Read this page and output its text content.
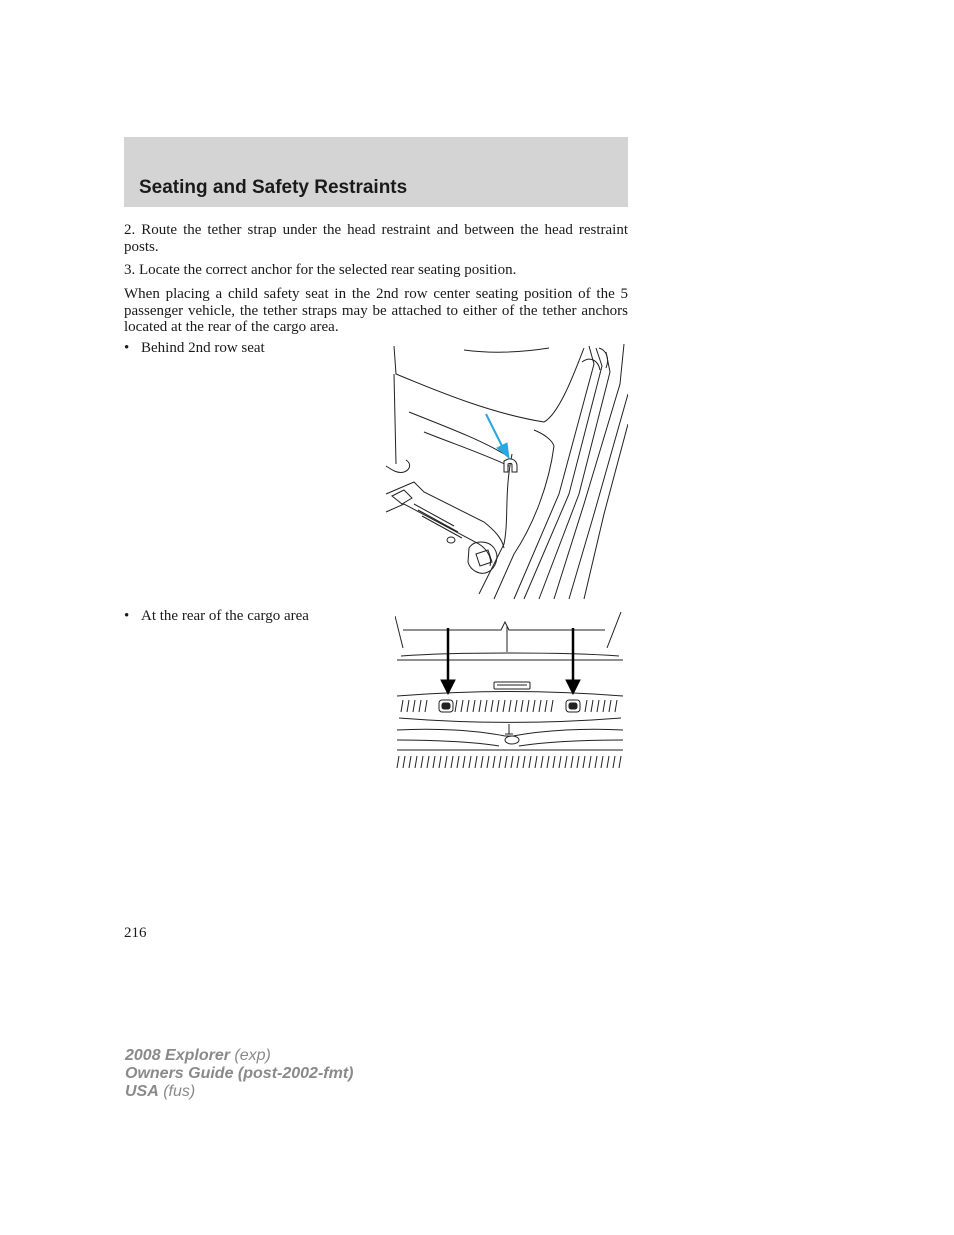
Seating and Safety Restraints

2. Route the tether strap under the head restraint and between the head restraint posts.

3. Locate the correct anchor for the selected rear seating position.

When placing a child safety seat in the 2nd row center seating position of the 5 passenger vehicle, the tether straps may be attached to either of the tether anchors located at the rear of the cargo area.

• Behind 2nd row seat

• At the rear of the cargo area

216
2008 Explorer (exp)
Owners Guide (post-2002-fmt)
USA (fus)
